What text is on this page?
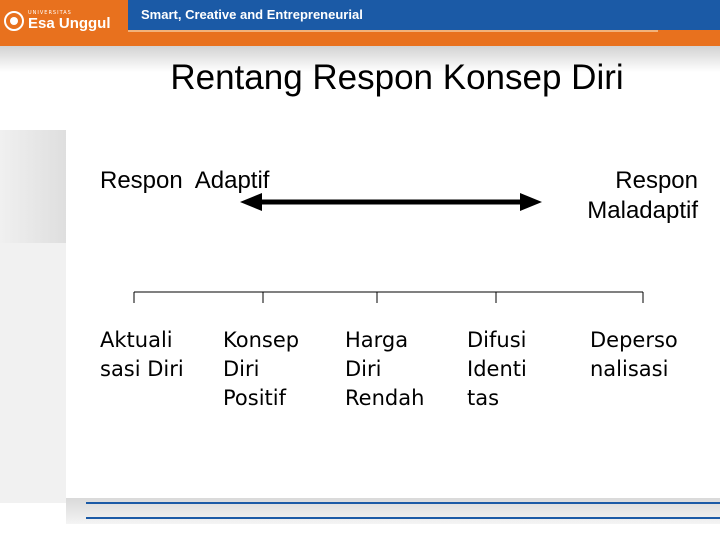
UNIVERSITAS
Esa Unggul
Smart, Creative and Entrepreneurial
Rentang Respon Konsep Diri
Respon  Adaptif	Respon
Maladaptif
Aktuali
sasi Diri
Konsep
Diri
Positif
Harga
Diri
Rendah
Difusi
Identi
tas
Deperso
nalisasi
